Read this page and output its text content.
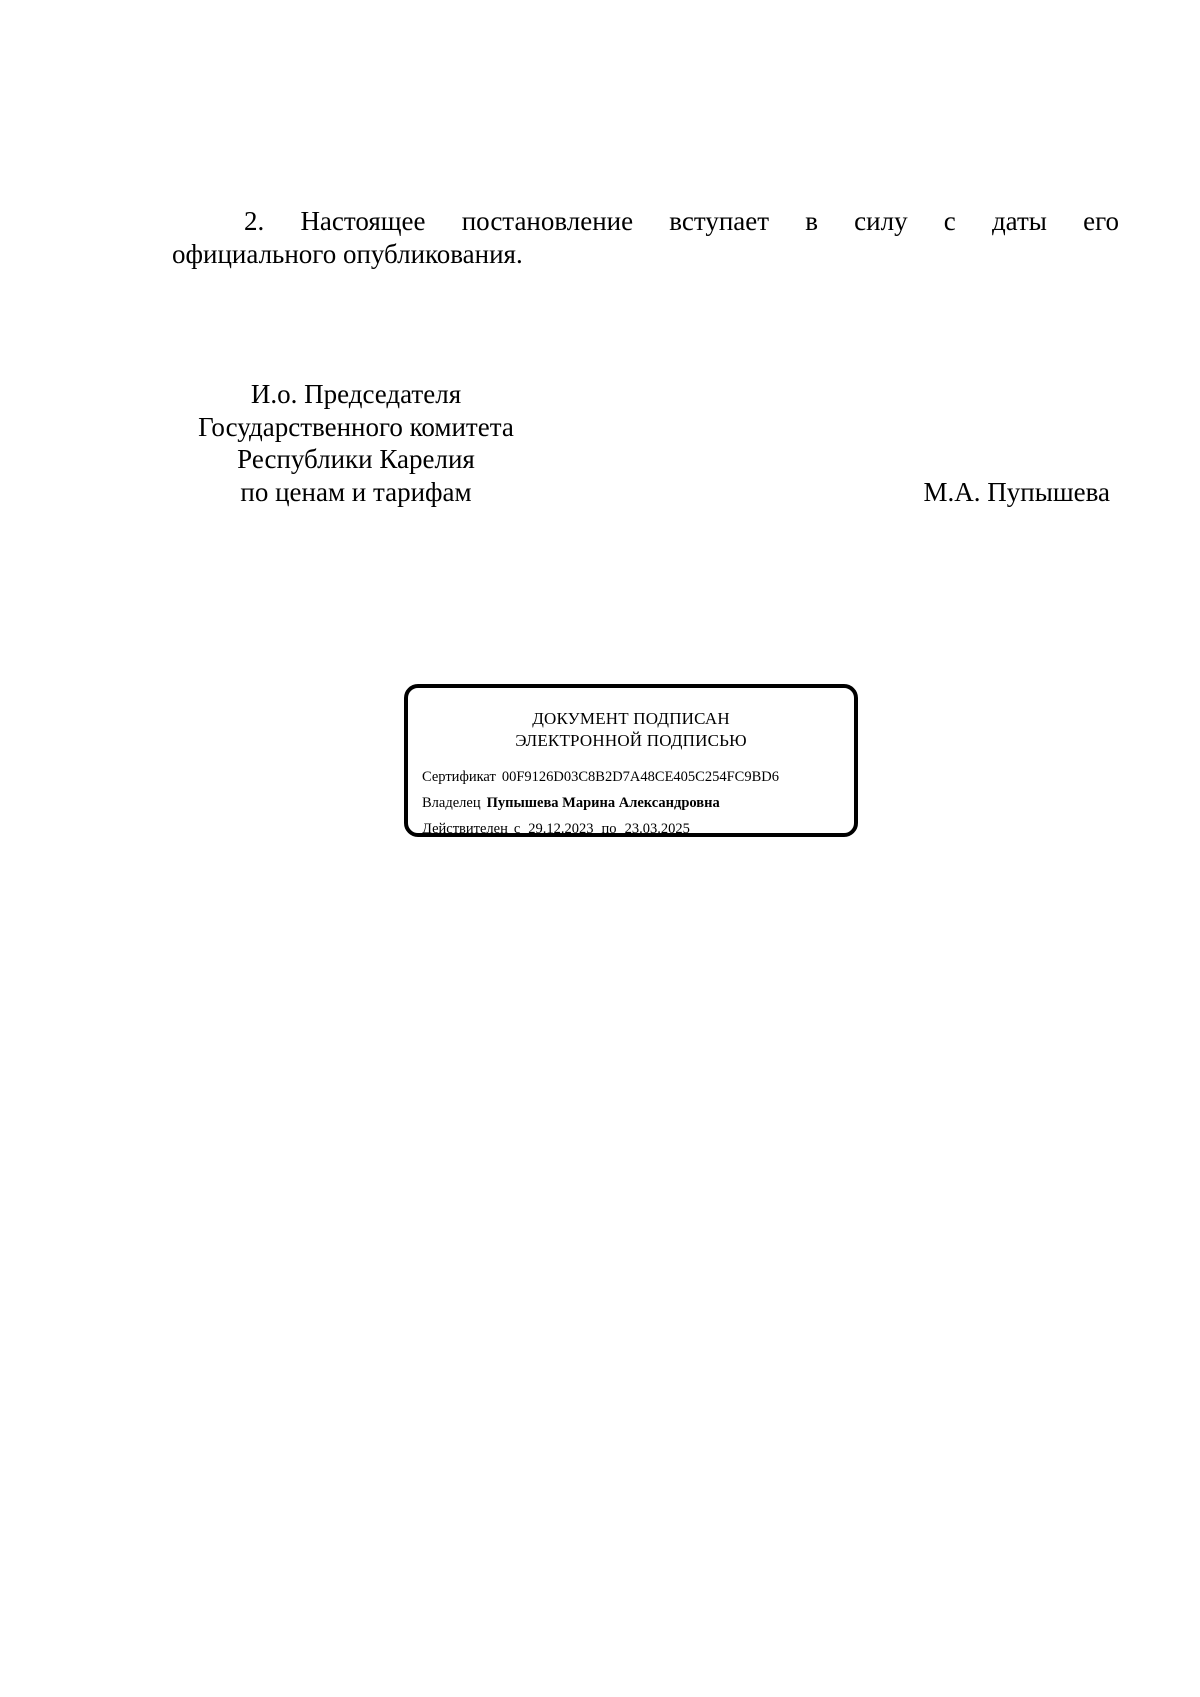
2. Настоящее постановление вступает в силу с даты его
официального опубликования.
И.о. Председателя
Государственного комитета
Республики Карелия
по ценам и тарифам	М.А. Пупышева
ДОКУМЕНТ ПОДПИСАН
ЭЛЕКТРОННОЙ ПОДПИСЬЮ
Сертификат 00F9126D03C8B2D7A48CE405C254FC9BD6
Владелец Пупышева Марина Александровна
Действителен с 29.12.2023 по 23.03.2025
